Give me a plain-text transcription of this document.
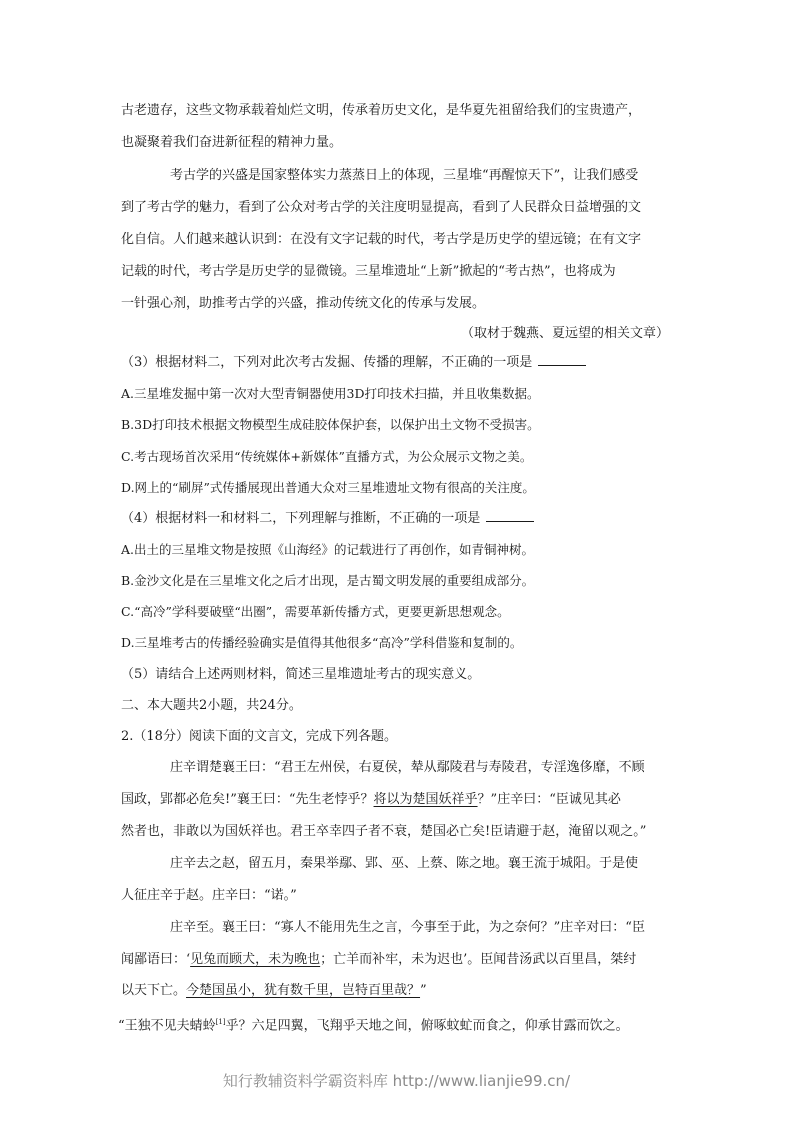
古老遗存，这些文物承载着灿烂文明，传承着历史文化，是华夏先祖留给我们的宝贵遗产，
也凝聚着我们奋进新征程的精神力量。
考古学的兴盛是国家整体实力蒸蒸日上的体现，三星堆“再醒惊天下”，让我们感受
到了考古学的魅力，看到了公众对考古学的关注度明显提高，看到了人民群众日益增强的文
化自信。人们越来越认识到：在没有文字记载的时代，考古学是历史学的望远镜；在有文字
记载的时代，考古学是历史学的显微镜。三星堆遗址“上新”掀起的“考古热”，也将成为
一针强心剂，助推考古学的兴盛，推动传统文化的传承与发展。
（取材于魏燕、夏远望的相关文章）
（3）根据材料二，下列对此次考古发掘、传播的理解，不正确的一项是
A.三星堆发掘中第一次对大型青铜器使用3D打印技术扫描，并且收集数据。
B.3D打印技术根据文物模型生成硅胶体保护套，以保护出土文物不受损害。
C.考古现场首次采用“传统媒体+新媒体”直播方式，为公众展示文物之美。
D.网上的“刷屏”式传播展现出普通大众对三星堆遗址文物有很高的关注度。
（4）根据材料一和材料二，下列理解与推断，不正确的一项是
A.出土的三星堆文物是按照《山海经》的记载进行了再创作，如青铜神树。
B.金沙文化是在三星堆文化之后才出现，是古蜀文明发展的重要组成部分。
C.“高冷”学科要破壁“出圈”，需要革新传播方式，更要更新思想观念。
D.三星堆考古的传播经验确实是值得其他很多“高冷”学科借鉴和复制的。
（5）请结合上述两则材料，简述三星堆遗址考古的现实意义。
二、本大题共2小题，共24分。
2.（18分）阅读下面的文言文，完成下列各题。
庄辛谓楚襄王曰：“君王左州侯，右夏侯，辇从鄢陵君与寿陵君，专淫逸侈靡，不顾
国政，郢都必危矣!”襄王曰：“先生老悖乎？将以为楚国妖祥乎？”庄辛曰：“臣诚见其必
然者也，非敢以为国妖祥也。君王卒幸四子者不衰，楚国必亡矣!臣请避于赵，淹留以观之。”
庄辛去之赵，留五月，秦果举鄢、郢、巫、上蔡、陈之地。襄王流于城阳。于是使
人征庄辛于赵。庄辛曰：“诺。”
庄辛至。襄王曰：“寡人不能用先生之言，今事至于此，为之奈何？”庄辛对曰：“臣
闻鄙语曰：‘见兔而顾犬，未为晚也；亡羊而补牢，未为迟也’。臣闻昔汤武以百里昌，桀纣
以天下亡。今楚国虽小，犹有数千里，岂特百里哉？”
“王独不见夫蜻蛉[1]乎？六足四翼，飞翔乎天地之间，俯啄蚊虻而食之，仰承甘露而饮之。
知行教辅资料学霸资料库 http://www.lianjie99.cn/
